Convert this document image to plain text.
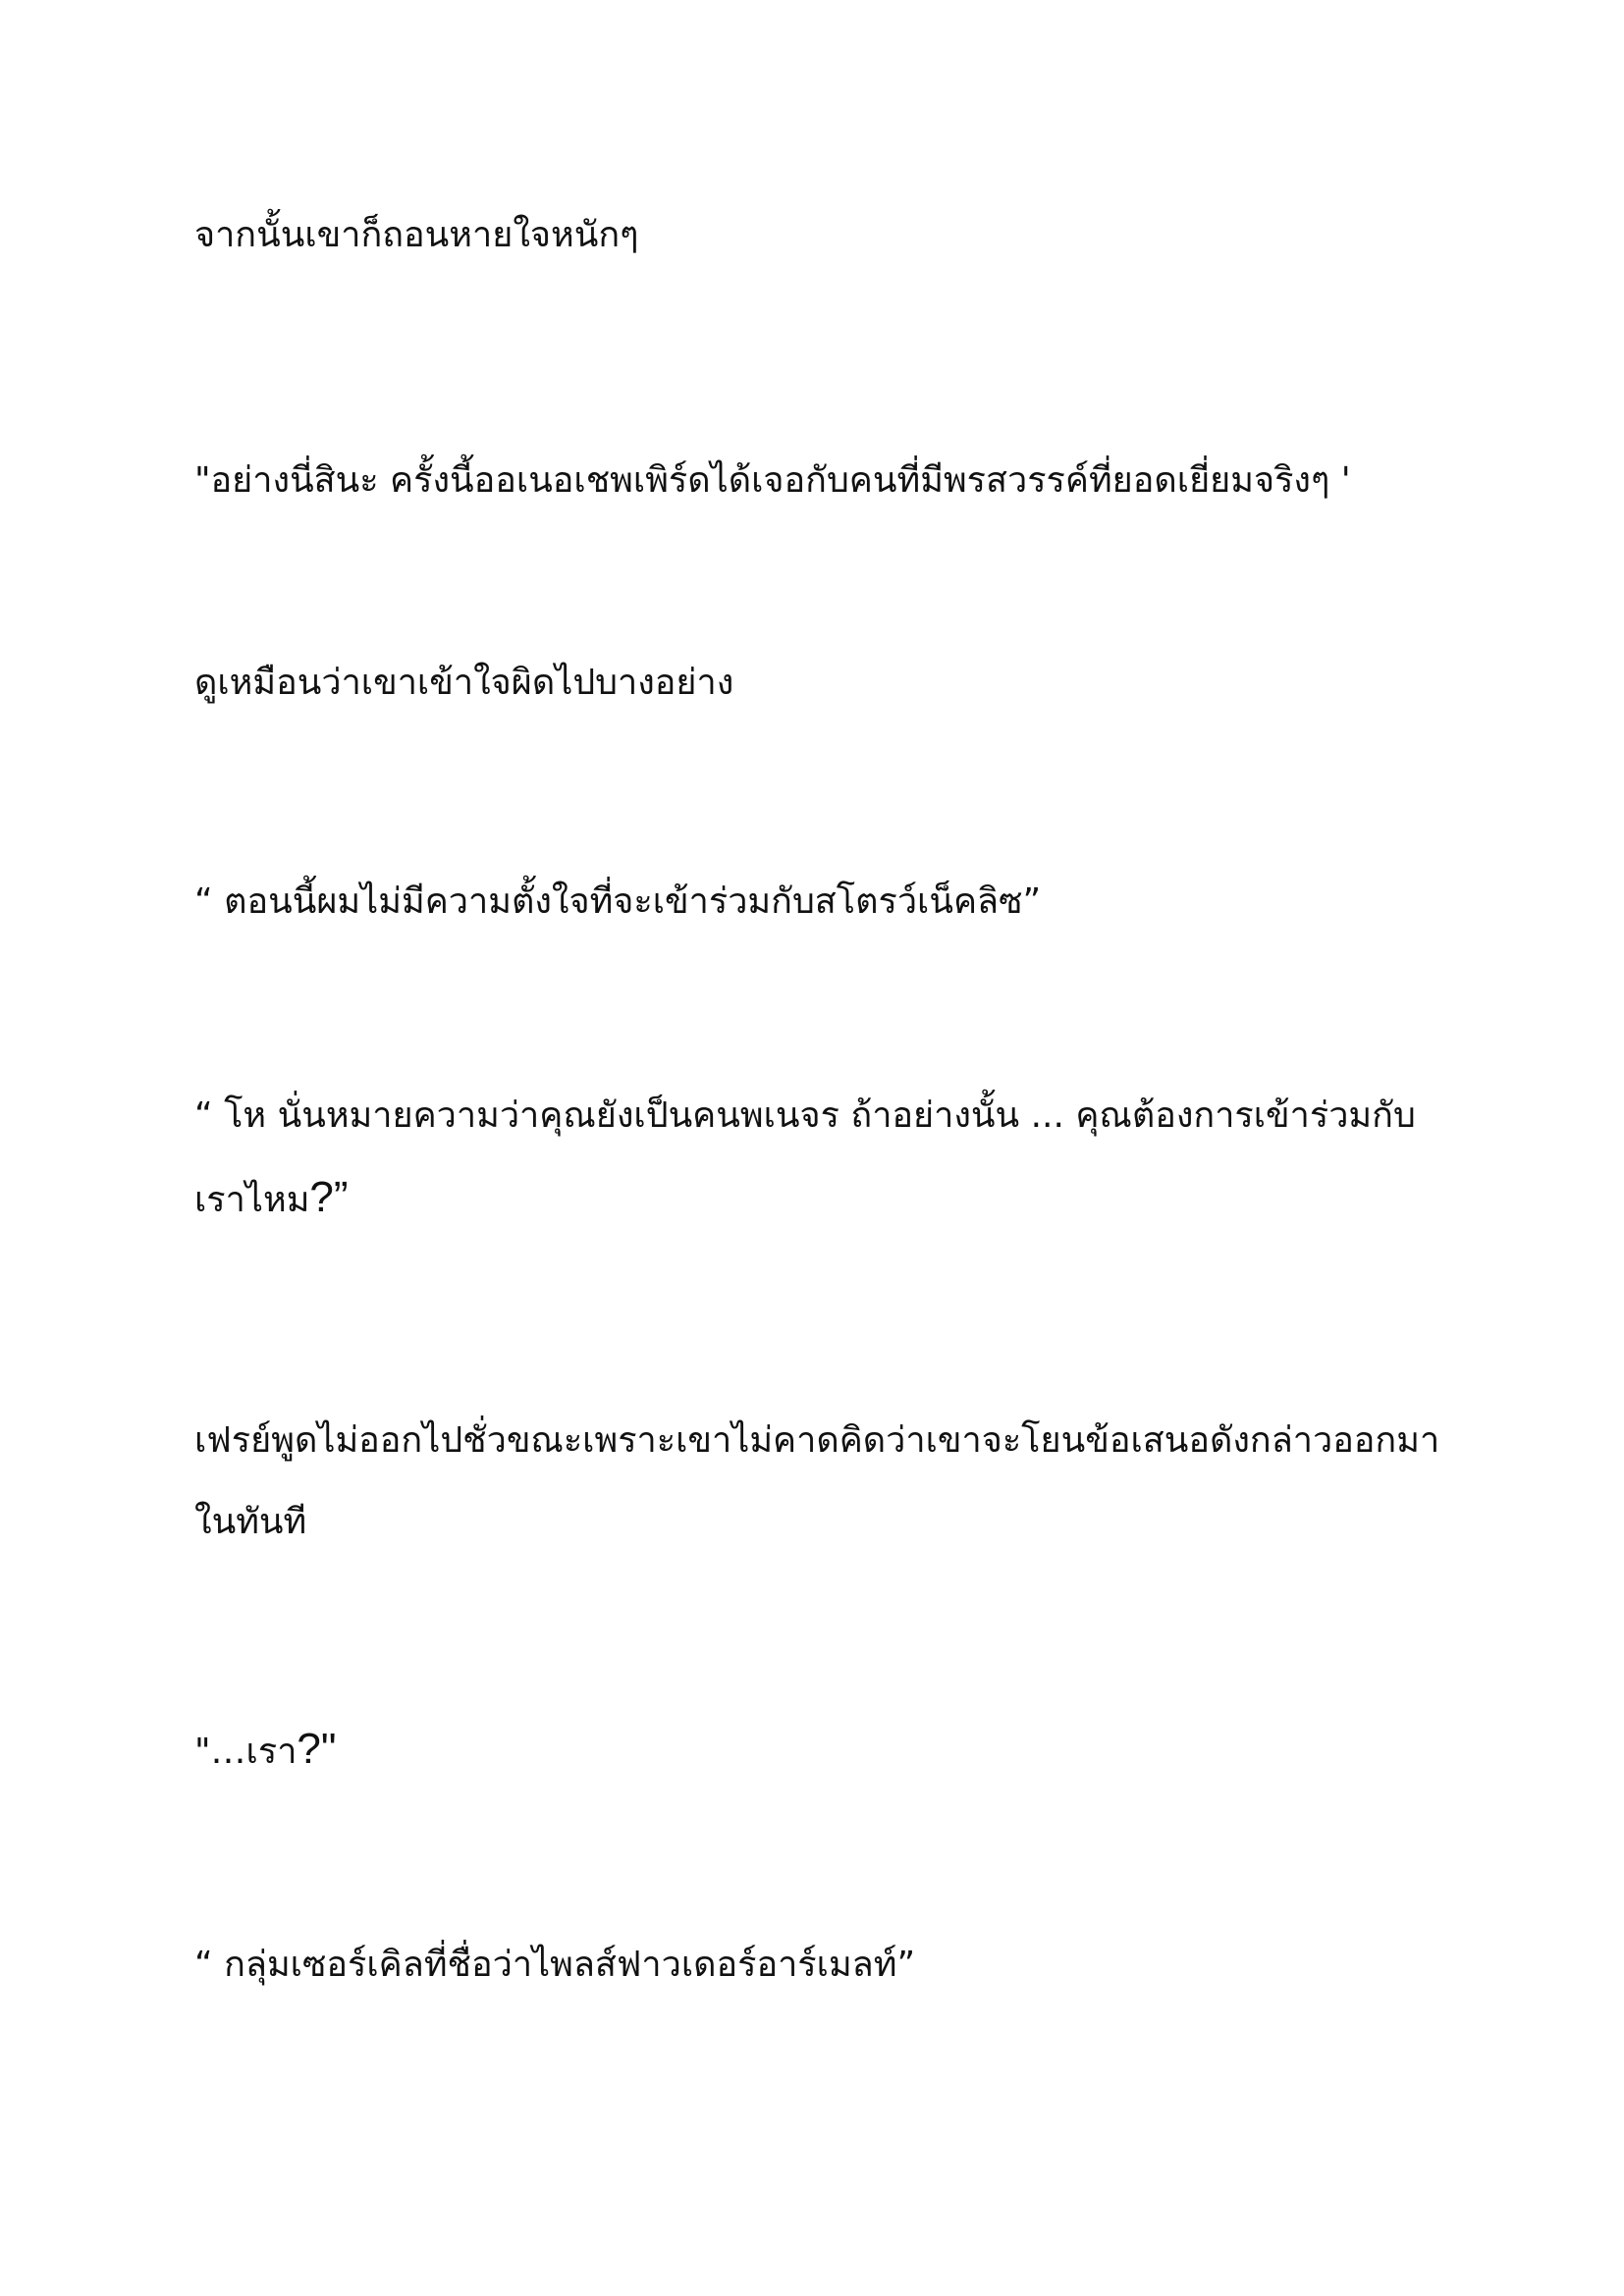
จากนั้นเขาก็ถอนหายใจหนักๆ
"อย่างนี่สินะ ครั้งนี้ออเนอเชพเพิร์ดได้เจอกับคนที่มีพรสวรรค์ที่ยอดเยี่ยมจริงๆ '
ดูเหมือนว่าเขาเข้าใจผิดไปบางอย่าง
“ ตอนนี้ผมไม่มีความตั้งใจที่จะเข้าร่วมกับสโตรว์เน็คลิซ”
“ โห นั่นหมายความว่าคุณยังเป็นคนพเนจร ถ้าอย่างนั้น ... คุณต้องการเข้าร่วมกับเราไหม?”
เฟรย์พูดไม่ออกไปชั่วขณะเพราะเขาไม่คาดคิดว่าเขาจะโยนข้อเสนอดังกล่าวออกมาในทันที
"…เรา?"
“ กลุ่มเซอร์เคิลที่ชื่อว่าไพลส์ฟาวเดอร์อาร์เมลท์”
